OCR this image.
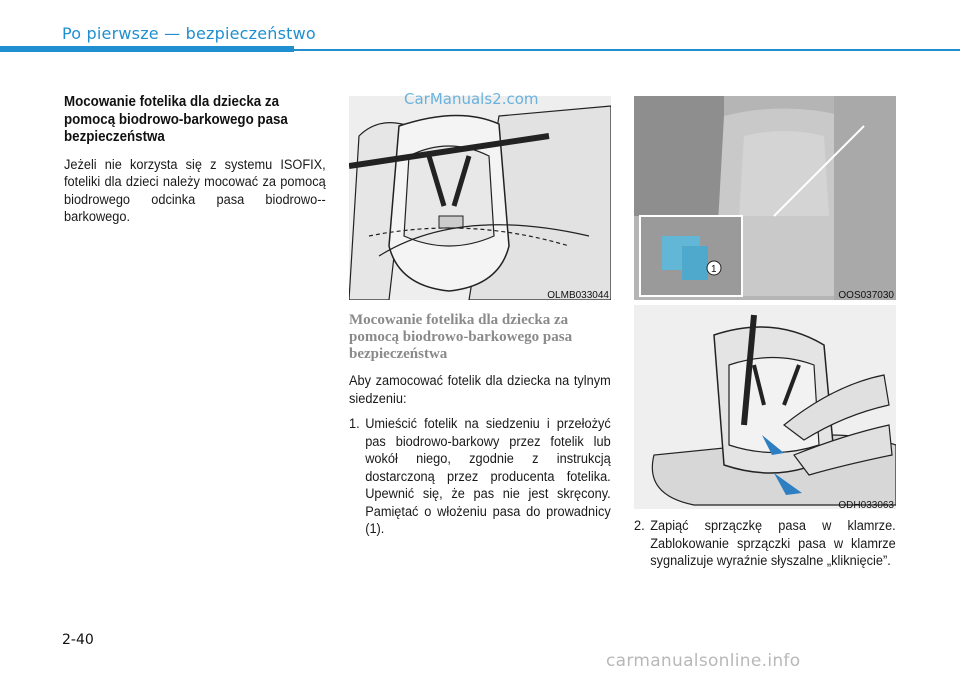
Po pierwsze — bezpieczeństwo

Mocowanie fotelika dla dziecka za pomocą biodrowo-barkowego pasa bezpieczeństwa

Jeżeli nie korzysta się z systemu ISOFIX, foteliki dla dzieci należy mocować za pomocą biodrowego odcinka pasa biodrowo--barkowego.

OLMB033044
1
OOS037030
ODH033063

Mocowanie fotelika dla dziecka za pomocą biodrowo-barkowego pasa bezpieczeństwa

Aby zamocować fotelik dla dziecka na tylnym siedzeniu:

1. Umieścić fotelik na siedzeniu i przełożyć pas biodrowo-barkowy przez fotelik lub wokół niego, zgodnie z instrukcją dostarczoną przez producenta fotelika. Upewnić się, że pas nie jest skręcony. Pamiętać o włożeniu pasa do prowadnicy (1).	2. Zapiąć sprzączkę pasa w klamrze. Zablokowanie sprzączki pasa w klamrze sygnalizuje wyraźnie słyszalne „kliknięcie”.
CarManuals2.com
2-40
carmanualsonline.info
